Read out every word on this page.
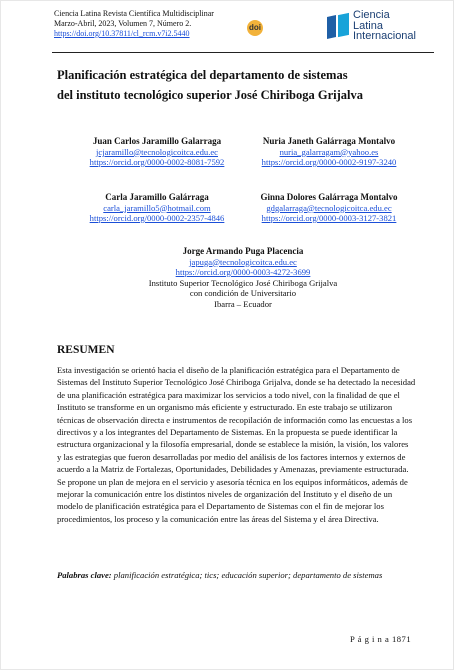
Ciencia Latina Revista Científica Multidisciplinar
Marzo-Abril, 2023, Volumen 7, Número 2.
https://doi.org/10.37811/cl_rcm.v7i2.5440
doi
Ciencia
Latina
Internacional
Planificación estratégica del departamento de sistemas
del instituto tecnológico superior José Chiriboga Grijalva
Juan Carlos Jaramillo Galarraga
jcjaramillo@tecnologicoitca.edu.ec
https://orcid.org/0000-0002-8081-7592
Nuria Janeth Galárraga Montalvo
nuria_galarragam@yahoo.es
https://orcid.org/0000-0002-9197-3240
Carla Jaramillo Galárraga
carla_jaramillo5@hotmail.com
https://orcid.org/0000-0002-2357-4846
Ginna Dolores Galárraga Montalvo
gdgalarraga@tecnologicoitca.edu.ec
https://orcid.org/0000-0003-3127-3821
Jorge Armando Puga Placencia
japuga@tecnologicoitca.edu.ec
https://orcid.org/0000-0003-4272-3699
Instituto Superior Tecnológico José Chiriboga Grijalva
con condición de Universitario
Ibarra – Ecuador
RESUMEN
Esta investigación se orientó hacia el diseño de la planificación estratégica para el Departamento de
Sistemas del Instituto Superior Tecnológico José Chiriboga Grijalva, donde se ha detectado la necesidad
de una planificación estratégica para maximizar los servicios a todo nivel, con la finalidad de que el
Instituto se transforme en un organismo más eficiente y estructurado. En este trabajo se utilizaron
técnicas de observación directa e instrumentos de recopilación de información como las encuestas a los
directivos y a los integrantes del Departamento de Sistemas. En la propuesta se puede identificar la
estructura organizacional y la filosofía empresarial, donde se establece la misión, la visión, los valores
y las estrategias que fueron desarrolladas por medio del análisis de los factores internos y externos de
acuerdo a la Matriz de Fortalezas, Oportunidades, Debilidades y Amenazas, previamente estructurada.
Se propone un plan de mejora en el servicio y asesoría técnica en los equipos informáticos, además de
mejorar la comunicación entre los distintos niveles de organización del Instituto y el diseño de un
modelo de planificación estratégica para el Departamento de Sistemas con el fin de mejorar los
procedimientos, los proceso y la comunicación entre las áreas del Sistema y el área Directiva.
Palabras clave: planificación estratégica; tics; educación superior; departamento de sistemas
P á g i n a 1871
